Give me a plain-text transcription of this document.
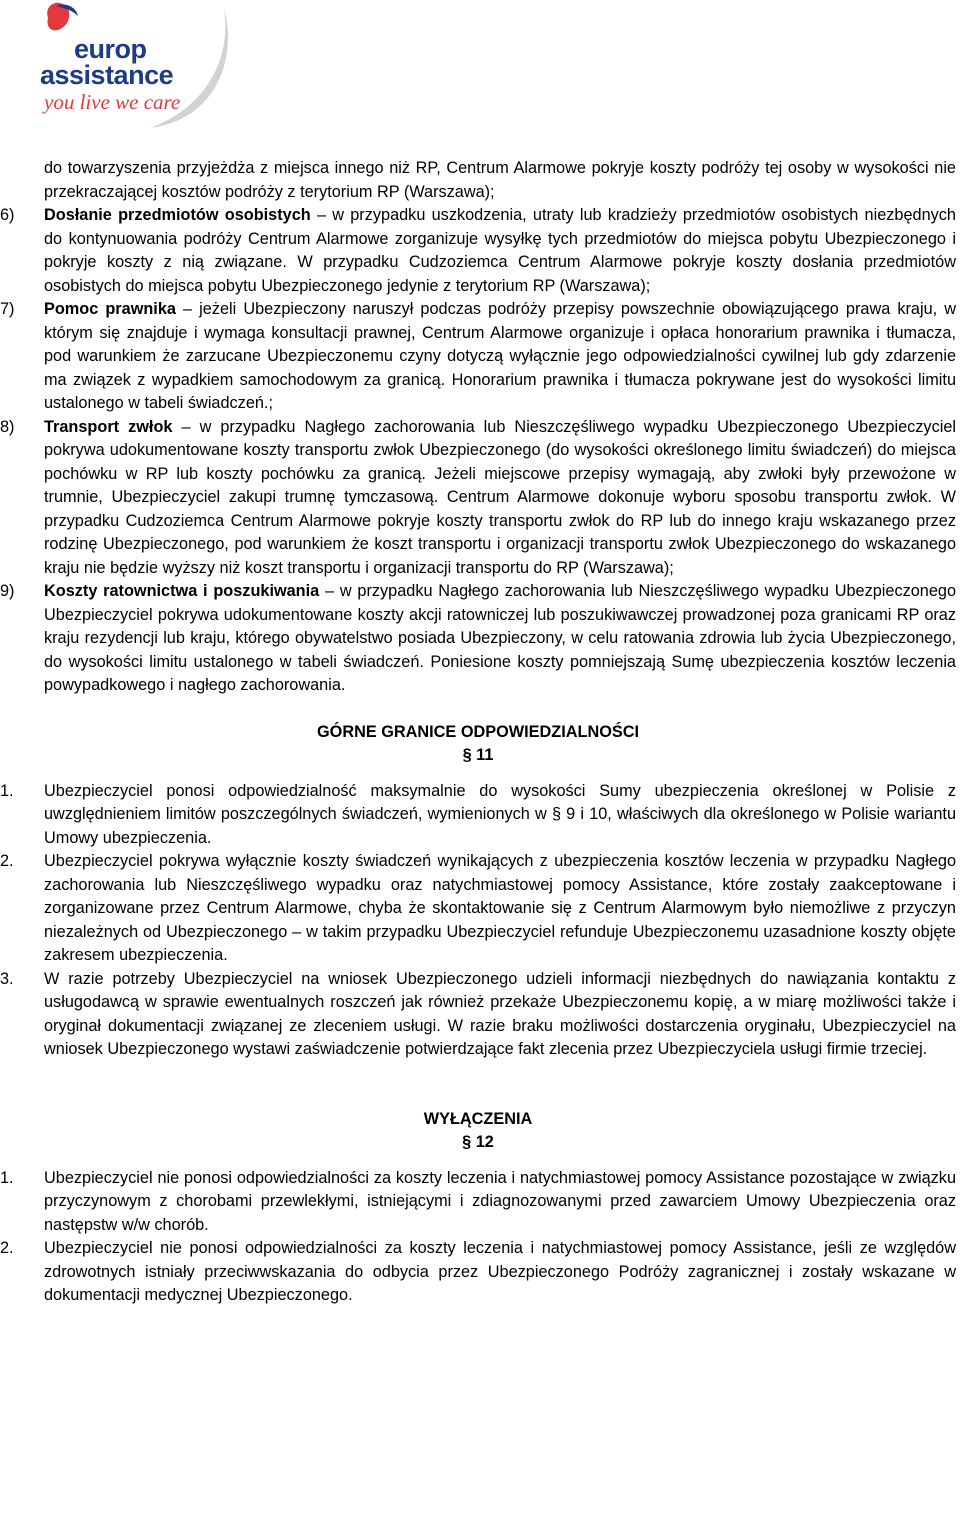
europ
assistance
you live we care

do towarzyszenia przyjeżdża z miejsca innego niż RP, Centrum Alarmowe pokryje koszty podróży tej osoby w wysokości nie przekraczającej kosztów podróży z terytorium RP (Warszawa);

6) Dosłanie przedmiotów osobistych – w przypadku uszkodzenia, utraty lub kradzieży przedmiotów osobistych niezbędnych do kontynuowania podróży Centrum Alarmowe zorganizuje wysyłkę tych przedmiotów do miejsca pobytu Ubezpieczonego i pokryje koszty z nią związane. W przypadku Cudzoziemca Centrum Alarmowe pokryje koszty dosłania przedmiotów osobistych do miejsca pobytu Ubezpieczonego jedynie z terytorium RP (Warszawa);
7) Pomoc prawnika – jeżeli Ubezpieczony naruszył podczas podróży przepisy powszechnie obowiązującego prawa kraju, w którym się znajduje i wymaga konsultacji prawnej, Centrum Alarmowe organizuje i opłaca honorarium prawnika i tłumacza, pod warunkiem że zarzucane Ubezpieczonemu czyny dotyczą wyłącznie jego odpowiedzialności cywilnej lub gdy zdarzenie ma związek z wypadkiem samochodowym za granicą. Honorarium prawnika i tłumacza pokrywane jest do wysokości limitu ustalonego w tabeli świadczeń.;
8) Transport zwłok – w przypadku Nagłego zachorowania lub Nieszczęśliwego wypadku Ubezpieczonego Ubezpieczyciel pokrywa udokumentowane koszty transportu zwłok Ubezpieczonego (do wysokości określonego limitu świadczeń) do miejsca pochówku w RP lub koszty pochówku za granicą. Jeżeli miejscowe przepisy wymagają, aby zwłoki były przewożone w trumnie, Ubezpieczyciel zakupi trumnę tymczasową. Centrum Alarmowe dokonuje wyboru sposobu transportu zwłok. W przypadku Cudzoziemca Centrum Alarmowe pokryje koszty transportu zwłok do RP lub do innego kraju wskazanego przez rodzinę Ubezpieczonego, pod warunkiem że koszt transportu i organizacji transportu zwłok Ubezpieczonego do wskazanego kraju nie będzie wyższy niż koszt transportu i organizacji transportu do RP (Warszawa);
9) Koszty ratownictwa i poszukiwania – w przypadku Nagłego zachorowania lub Nieszczęśliwego wypadku Ubezpieczonego Ubezpieczyciel pokrywa udokumentowane koszty akcji ratowniczej lub poszukiwawczej prowadzonej poza granicami RP oraz kraju rezydencji lub kraju, którego obywatelstwo posiada Ubezpieczony, w celu ratowania zdrowia lub życia Ubezpieczonego, do wysokości limitu ustalonego w tabeli świadczeń. Poniesione koszty pomniejszają Sumę ubezpieczenia kosztów leczenia powypadkowego i nagłego zachorowania.

GÓRNE GRANICE ODPOWIEDZIALNOŚCI

§ 11

1. Ubezpieczyciel ponosi odpowiedzialność maksymalnie do wysokości Sumy ubezpieczenia określonej w Polisie z uwzględnieniem limitów poszczególnych świadczeń, wymienionych w § 9 i 10, właściwych dla określonego w Polisie wariantu Umowy ubezpieczenia.
2. Ubezpieczyciel pokrywa wyłącznie koszty świadczeń wynikających z ubezpieczenia kosztów leczenia w przypadku Nagłego zachorowania lub Nieszczęśliwego wypadku oraz natychmiastowej pomocy Assistance, które zostały zaakceptowane i zorganizowane przez Centrum Alarmowe, chyba że skontaktowanie się z Centrum Alarmowym było niemożliwe z przyczyn niezależnych od Ubezpieczonego – w takim przypadku Ubezpieczyciel refunduje Ubezpieczonemu uzasadnione koszty objęte zakresem ubezpieczenia.
3. W razie potrzeby Ubezpieczyciel na wniosek Ubezpieczonego udzieli informacji niezbędnych do nawiązania kontaktu z usługodawcą w sprawie ewentualnych roszczeń jak również przekaże Ubezpieczonemu kopię, a w miarę możliwości także i oryginał dokumentacji związanej ze zleceniem usługi. W razie braku możliwości dostarczenia oryginału, Ubezpieczyciel na wniosek Ubezpieczonego wystawi zaświadczenie potwierdzające fakt zlecenia przez Ubezpieczyciela usługi firmie trzeciej.

WYŁĄCZENIA

§ 12

1. Ubezpieczyciel nie ponosi odpowiedzialności za koszty leczenia i natychmiastowej pomocy Assistance pozostające w związku przyczynowym z chorobami przewlekłymi, istniejącymi i zdiagnozowanymi przed zawarciem Umowy Ubezpieczenia oraz następstw w/w chorób.
2. Ubezpieczyciel nie ponosi odpowiedzialności za koszty leczenia i natychmiastowej pomocy Assistance, jeśli ze względów zdrowotnych istniały przeciwwskazania do odbycia przez Ubezpieczonego Podróży zagranicznej i zostały wskazane w dokumentacji medycznej Ubezpieczonego.
